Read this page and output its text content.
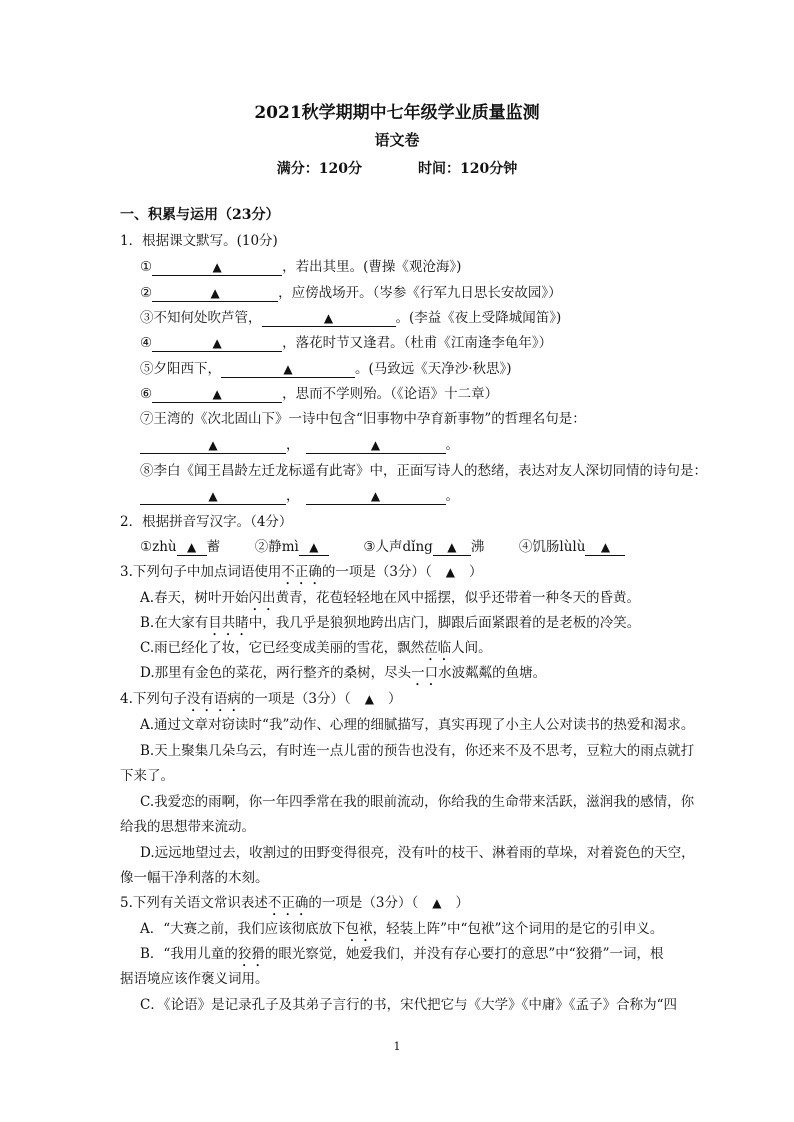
2021秋学期期中七年级学业质量监测
语文卷
满分：120分	时间：120分钟
一、积累与运用（23分）
1．根据课文默写。(10分)
①	▲	，若出其里。(曹操《观沧海》)
②	▲	，应傍战场开。（岑参《行军九日思长安故园》）
③不知何处吹芦管，	▲	。(李益《夜上受降城闻笛》)
④	▲	，落花时节又逢君。（杜甫《江南逢李龟年》）
⑤夕阳西下，	▲	。(马致远《天净沙·秋思》)
⑥	▲	，思而不学则殆。（《论语》十二章）
⑦王湾的《次北固山下》一诗中包含“旧事物中孕育新事物”的哲理名句是：
▲	，	▲	。
⑧李白《闻王昌龄左迁龙标遥有此寄》中，正面写诗人的愁绪，表达对友人深切同情的诗句是：
▲	，	▲	。
2．根据拼音写汉字。（4分）
①zhù ▲ 蓄	②静mì ▲	③人声dǐng ▲ 沸	④饥肠lùlù ▲
3.下列句子中加点词语使用不正确的一项是（3分）（ ▲ ）
A.春天，树叶开始闪出黄青，花苞轻轻地在风中摇摆，似乎还带着一种冬天的昏黄。
B.在大家有目共睹中，我几乎是狼狈地跨出店门，脚跟后面紧跟着的是老板的冷笑。
C.雨已经化了妆，它已经变成美丽的雪花，飘然莅临人间。
D.那里有金色的菜花，两行整齐的桑树，尽头一口水波粼粼的鱼塘。
4.下列句子没有语病的一项是（3分）（ ▲ ）
A.通过文章对窃读时“我”动作、心理的细腻描写，真实再现了小主人公对读书的热爱和渴求。
B.天上聚集几朵乌云，有时连一点儿雷的预告也没有，你还来不及不思考，豆粒大的雨点就打
下来了。
C.我爱恋的雨啊，你一年四季常在我的眼前流动，你给我的生命带来活跃，滋润我的感情，你
给我的思想带来流动。
D.远远地望过去，收割过的田野变得很亮，没有叶的枝干、淋着雨的草垛，对着瓷色的天空，
像一幅干净利落的木刻。
5.下列有关语文常识表述不正确的一项是（3分）（ ▲ ）
A．“大赛之前，我们应该彻底放下包袱，轻装上阵”中“包袱”这个词用的是它的引申义。
B．“我用儿童的狡猾的眼光察觉，她爱我们，并没有存心要打的意思”中“狡猾”一词，根
据语境应该作褒义词用。
C．《论语》是记录孔子及其弟子言行的书，宋代把它与《大学》《中庸》《孟子》合称为“四
1
